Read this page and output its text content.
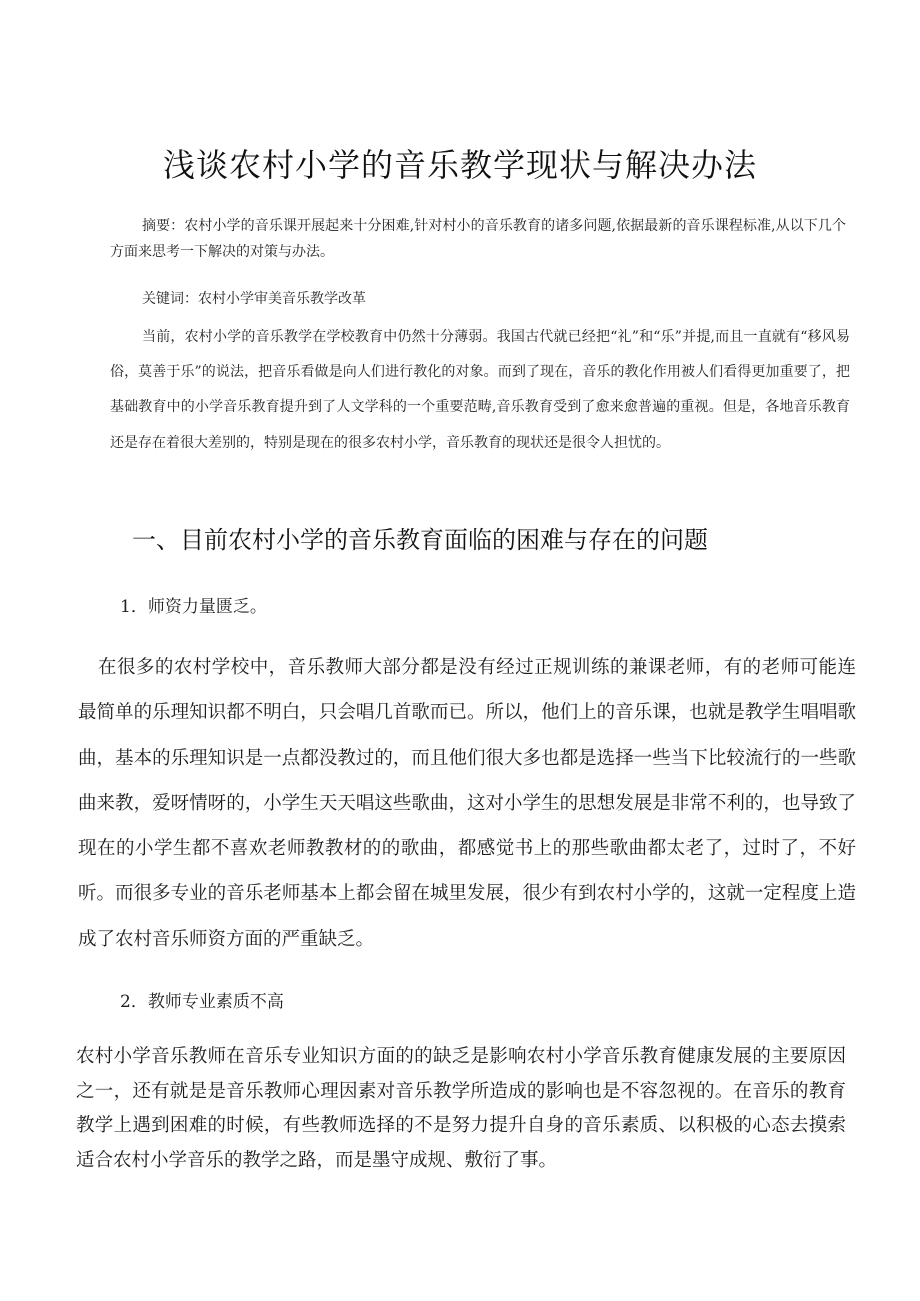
浅谈农村小学的音乐教学现状与解决办法

摘要：农村小学的音乐课开展起来十分困难,针对村小的音乐教育的诸多问题,依据最新的音乐课程标准,从以下几个方面来思考一下解决的对策与办法。

关键词：农村小学审美音乐教学改革

当前，农村小学的音乐教学在学校教育中仍然十分薄弱。我国古代就已经把“礼”和“乐”并提,而且一直就有“移风易俗，莫善于乐”的说法，把音乐看做是向人们进行教化的对象。而到了现在，音乐的教化作用被人们看得更加重要了，把基础教育中的小学音乐教育提升到了人文学科的一个重要范畴,音乐教育受到了愈来愈普遍的重视。但是，各地音乐教育还是存在着很大差别的，特别是现在的很多农村小学，音乐教育的现状还是很令人担忧的。

一、目前农村小学的音乐教育面临的困难与存在的问题

1．师资力量匮乏。

在很多的农村学校中，音乐教师大部分都是没有经过正规训练的兼课老师，有的老师可能连最简单的乐理知识都不明白，只会唱几首歌而已。所以，他们上的音乐课，也就是教学生唱唱歌曲，基本的乐理知识是一点都没教过的，而且他们很大多也都是选择一些当下比较流行的一些歌曲来教，爱呀情呀的，小学生天天唱这些歌曲，这对小学生的思想发展是非常不利的，也导致了现在的小学生都不喜欢老师教教材的的歌曲，都感觉书上的那些歌曲都太老了，过时了，不好听。而很多专业的音乐老师基本上都会留在城里发展，很少有到农村小学的，这就一定程度上造成了农村音乐师资方面的严重缺乏。

2．教师专业素质不高

农村小学音乐教师在音乐专业知识方面的的缺乏是影响农村小学音乐教育健康发展的主要原因之一，还有就是是音乐教师心理因素对音乐教学所造成的影响也是不容忽视的。在音乐的教育教学上遇到困难的时候，有些教师选择的不是努力提升自身的音乐素质、以积极的心态去摸索适合农村小学音乐的教学之路，而是墨守成规、敷衍了事。
